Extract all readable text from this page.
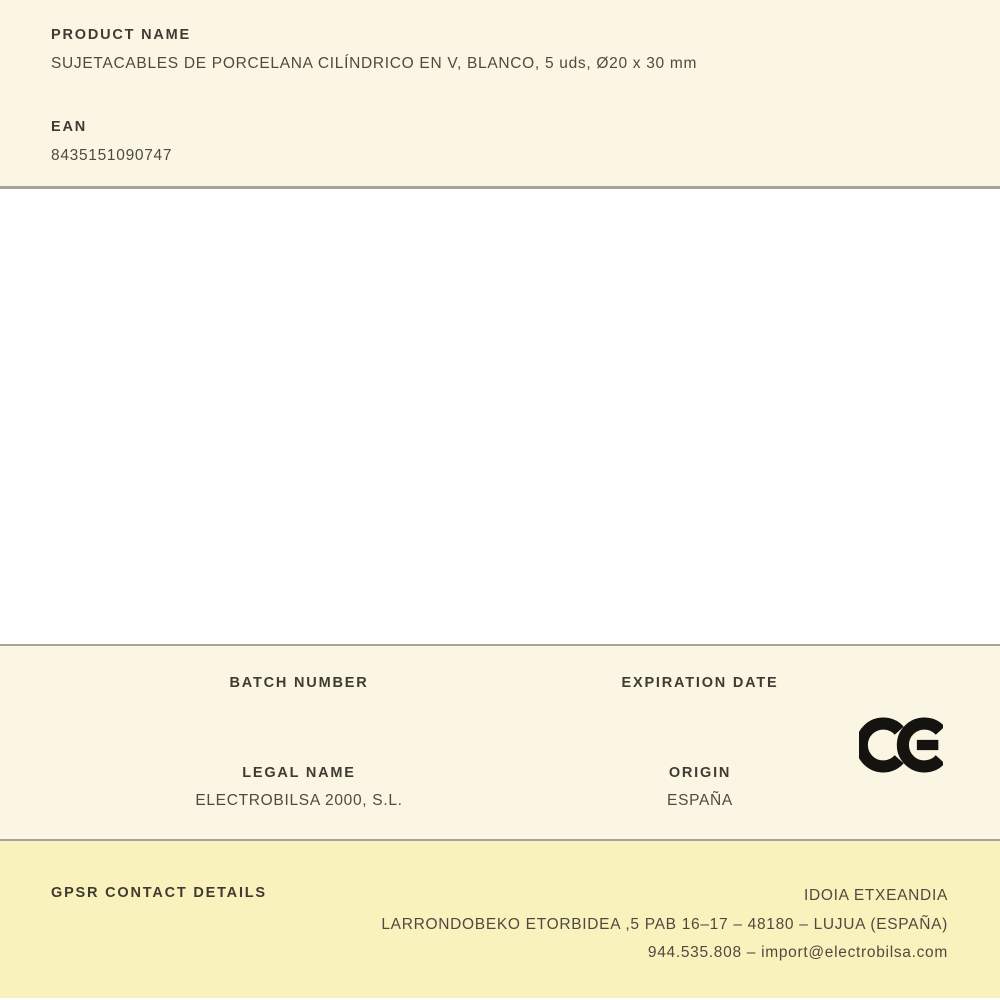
PRODUCT NAME
SUJETACABLES DE PORCELANA CILÍNDRICO EN V, BLANCO, 5 uds, Ø20 x 30 mm
EAN
8435151090747
BATCH NUMBER	EXPIRATION DATE
LEGAL NAME
ELECTROBILSA 2000, S.L.
ORIGIN
ESPAÑA
GPSR CONTACT DETAILS	IDOIA ETXEANDIA
LARRONDOBEKO ETORBIDEA ,5 PAB 16–17 – 48180 – LUJUA (ESPAÑA)
944.535.808 – import@electrobilsa.com
